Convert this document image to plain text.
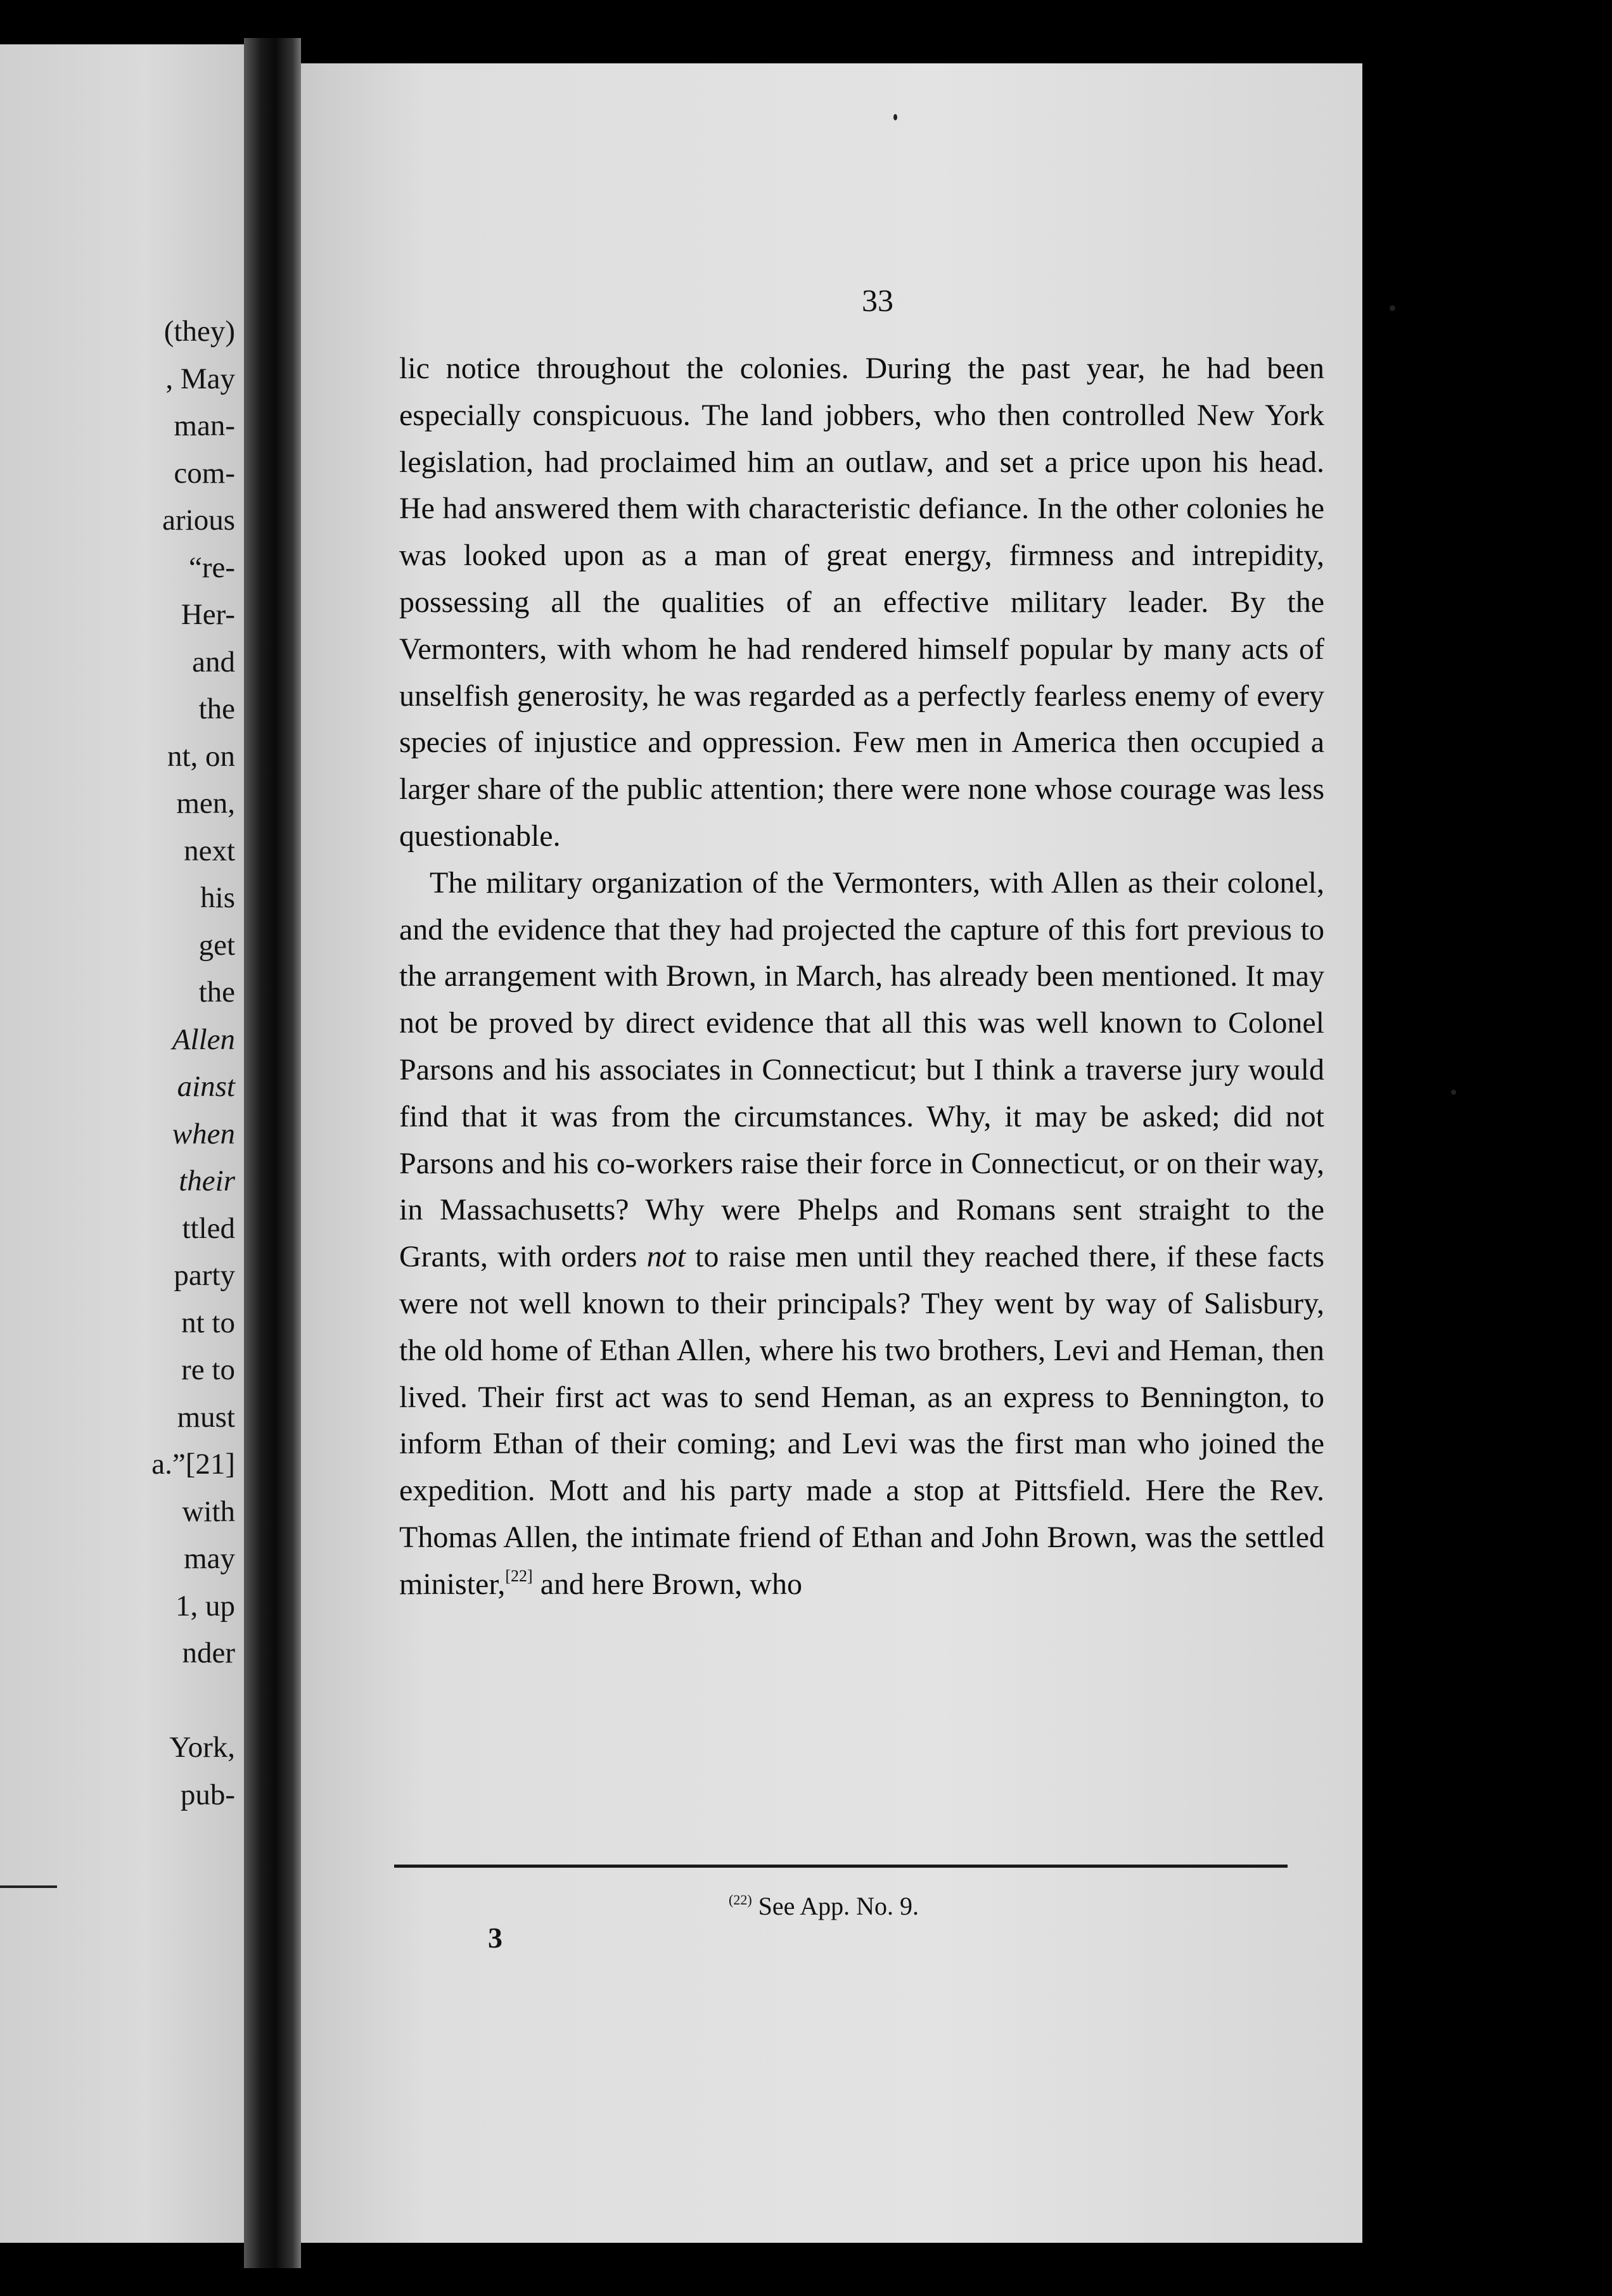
(they)
, May
man-
com-
arious
“re-
Her-
and
the
nt, on
men,
next
his
get
the
Allen
ainst
when
their
ttled
party
nt to
re to
must
a.”[21]
with
may
1, up
nder
York,
pub-
33

lic notice throughout the colonies. During the past year, he had been especially conspicuous. The land jobbers, who then controlled New York legislation, had proclaimed him an outlaw, and set a price upon his head. He had answered them with characteristic defiance. In the other colonies he was looked upon as a man of great energy, firmness and intrepidity, possessing all the qualities of an effective military leader. By the Vermonters, with whom he had rendered himself popular by many acts of unselfish generosity, he was regarded as a perfectly fearless enemy of every species of injustice and oppression. Few men in America then occupied a larger share of the public attention; there were none whose courage was less questionable.

The military organization of the Vermonters, with Allen as their colonel, and the evidence that they had projected the capture of this fort previous to the arrangement with Brown, in March, has already been mentioned. It may not be proved by direct evidence that all this was well known to Colonel Parsons and his associates in Connecticut; but I think a traverse jury would find that it was from the circumstances. Why, it may be asked; did not Parsons and his co-workers raise their force in Connecticut, or on their way, in Massachusetts? Why were Phelps and Romans sent straight to the Grants, with orders not to raise men until they reached there, if these facts were not well known to their principals? They went by way of Salisbury, the old home of Ethan Allen, where his two brothers, Levi and Heman, then lived. Their first act was to send Heman, as an express to Bennington, to inform Ethan of their coming; and Levi was the first man who joined the expedition. Mott and his party made a stop at Pittsfield. Here the Rev. Thomas Allen, the intimate friend of Ethan and John Brown, was the settled minister,[22] and here Brown, who

$^{(22)}$ See App. No. 9.
3
